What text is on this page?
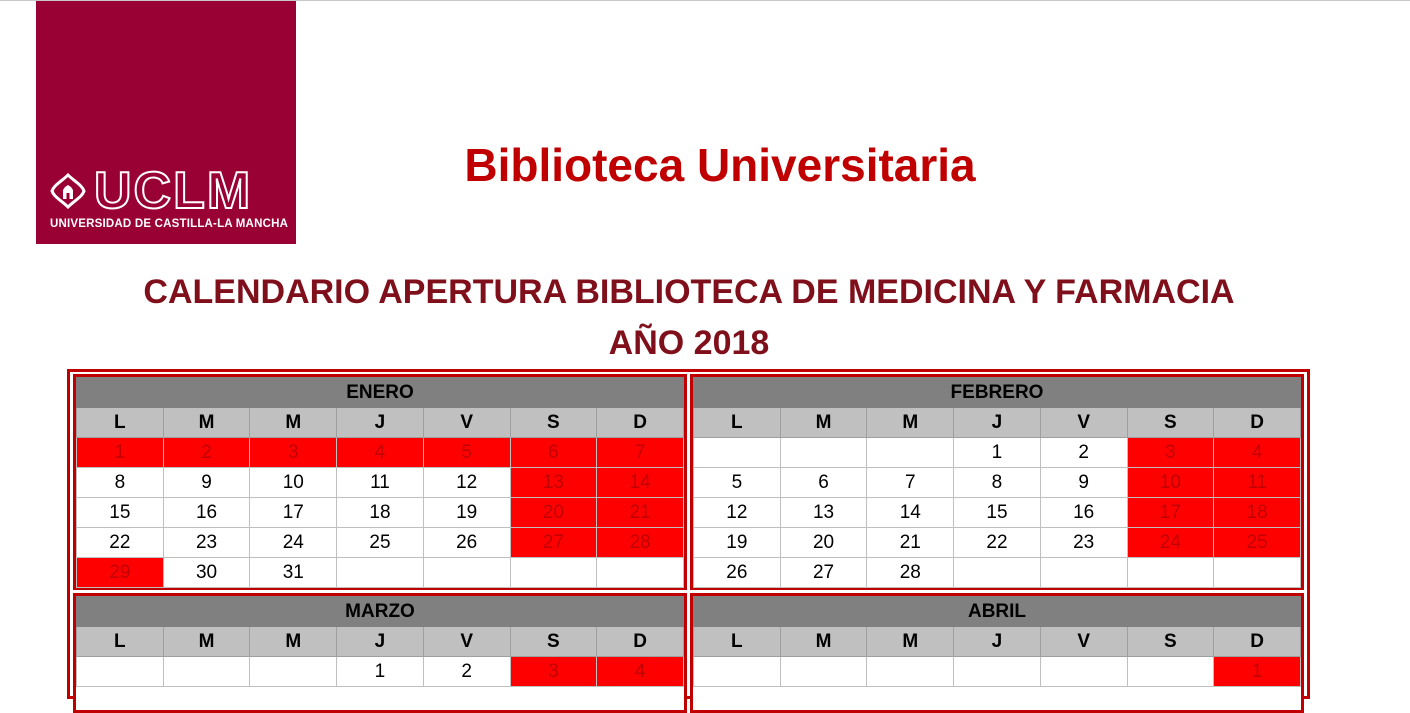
UCLM
UNIVERSIDAD DE CASTILLA-LA MANCHA
Biblioteca Universitaria
CALENDARIO APERTURA BIBLIOTECA DE MEDICINA Y FARMACIA
AÑO 2018
ENERO						
L	M	M	J	V	S	D
1	2	3	4	5	6	7
8	9	10	11	12	13	14
15	16	17	18	19	20	21
22	23	24	25	26	27	28
29	30	31				
FEBRERO						
L	M	M	J	V	S	D
			1	2	3	4
5	6	7	8	9	10	11
12	13	14	15	16	17	18
19	20	21	22	23	24	25
26	27	28				
MARZO						
L	M	M	J	V	S	D
			1	2	3	4
ABRIL						
L	M	M	J	V	S	D
						1
